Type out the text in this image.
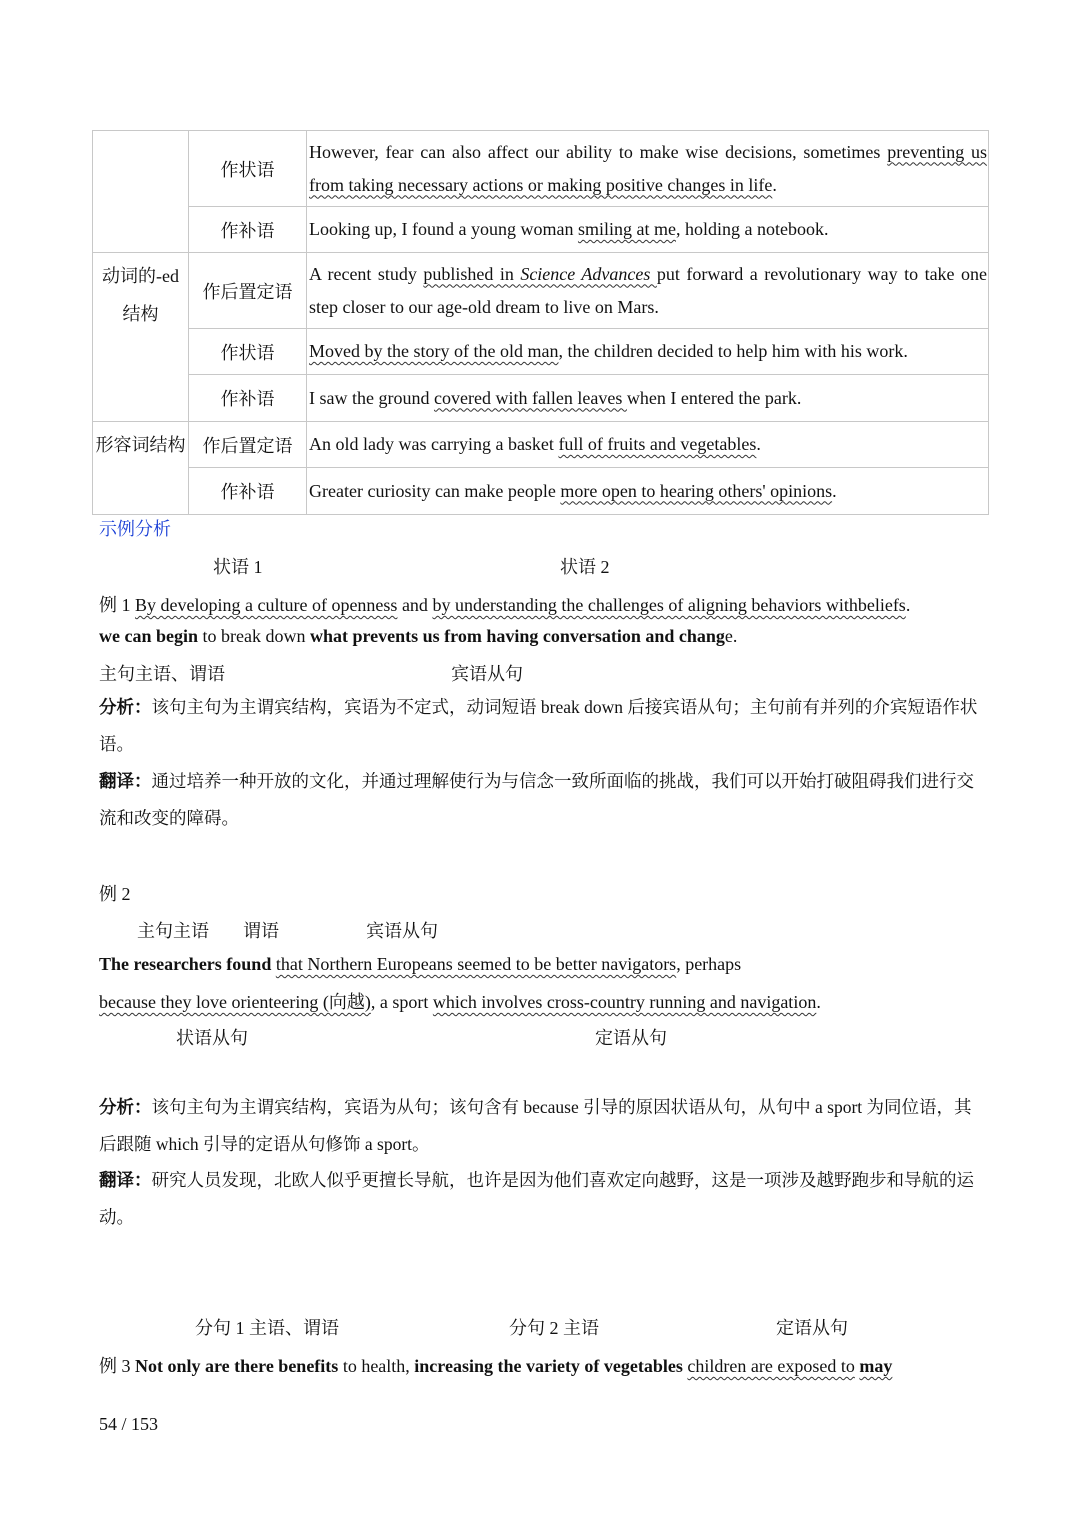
	作状语	However, fear can also affect our ability to make wise decisions, sometimes preventing us from taking necessary actions or making positive changes in life.
	作补语	Looking up, I found a young woman smiling at me, holding a notebook.
动词的-ed结构	作后置定语	A recent study published in Science Advances put forward a revolutionary way to take one step closer to our age-old dream to live on Mars.
	作状语	Moved by the story of the old man, the children decided to help him with his work.
	作补语	I saw the ground covered with fallen leaves when I entered the park.
形容词结构	作后置定语	An old lady was carrying a basket full of fruits and vegetables.
	作补语	Greater curiosity can make people more open to hearing others' opinions.
示例分析
状语 1	状语 2
例 1 By developing a culture of openness and by understanding the challenges of aligning behaviors withbeliefs.
we can begin to break down what prevents us from having conversation and change.
主句主语、谓语	宾语从句
分析：该句主句为主谓宾结构，宾语为不定式，动词短语 break down 后接宾语从句；主句前有并列的介宾短语作状语。
翻译：通过培养一种开放的文化，并通过理解使行为与信念一致所面临的挑战，我们可以开始打破阻碍我们进行交流和改变的障碍。
例 2
主句主语 谓语	宾语从句
The researchers found that Northern Europeans seemed to be better navigators, perhaps
because they love orienteering (向越), a sport which involves cross-country running and navigation.
状语从句	定语从句
分析：该句主句为主谓宾结构，宾语为从句；该句含有 because 引导的原因状语从句，从句中 a sport 为同位语，其后跟随 which 引导的定语从句修饰 a sport。
翻译：研究人员发现，北欧人似乎更擅长导航，也许是因为他们喜欢定向越野，这是一项涉及越野跑步和导航的运动。
分句 1 主语、谓语	分句 2 主语	定语从句
例 3 Not only are there benefits to health, increasing the variety of vegetables children are exposed to may
54 / 153
